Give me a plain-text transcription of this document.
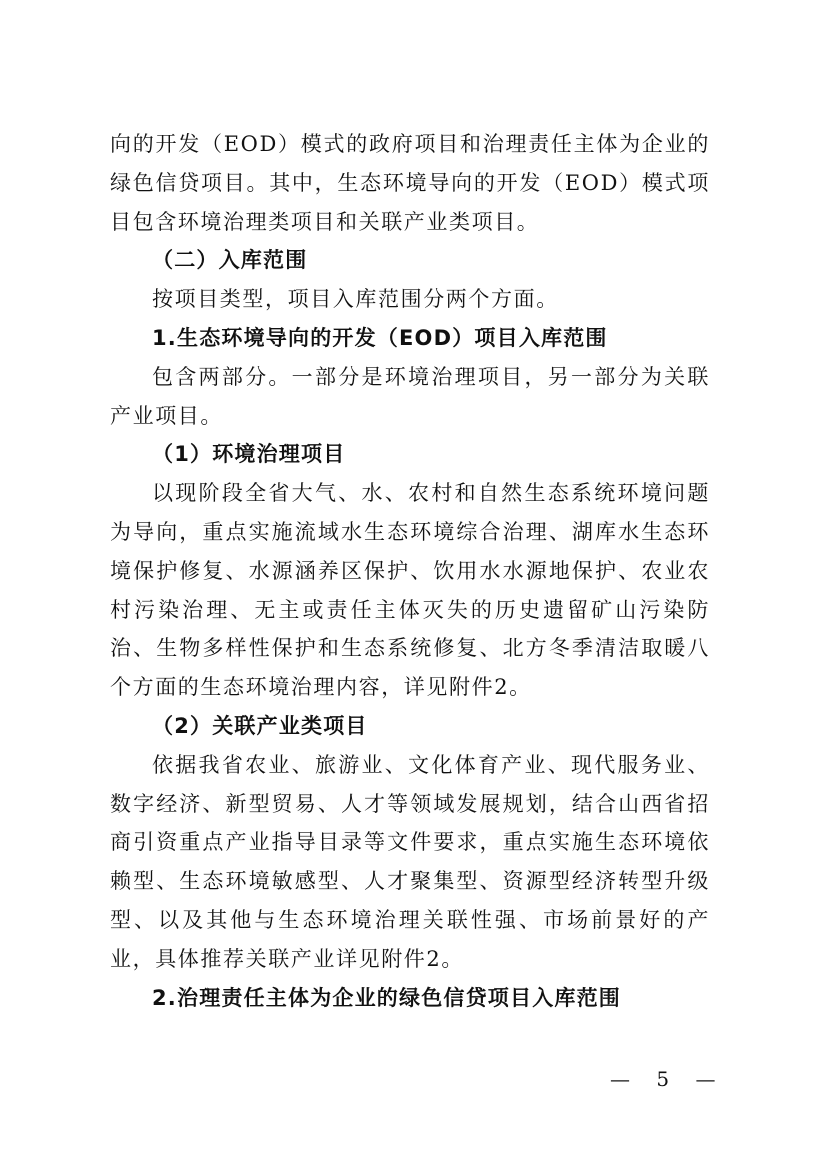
向的开发（EOD）模式的政府项目和治理责任主体为企业的绿色信贷项目。其中，生态环境导向的开发（EOD）模式项目包含环境治理类项目和关联产业类项目。

（二）入库范围

按项目类型，项目入库范围分两个方面。

1.生态环境导向的开发（EOD）项目入库范围

包含两部分。一部分是环境治理项目，另一部分为关联产业项目。

（1）环境治理项目

以现阶段全省大气、水、农村和自然生态系统环境问题为导向，重点实施流域水生态环境综合治理、湖库水生态环境保护修复、水源涵养区保护、饮用水水源地保护、农业农村污染治理、无主或责任主体灭失的历史遗留矿山污染防治、生物多样性保护和生态系统修复、北方冬季清洁取暖八个方面的生态环境治理内容，详见附件2。

（2）关联产业类项目

依据我省农业、旅游业、文化体育产业、现代服务业、数字经济、新型贸易、人才等领域发展规划，结合山西省招商引资重点产业指导目录等文件要求，重点实施生态环境依赖型、生态环境敏感型、人才聚集型、资源型经济转型升级型、以及其他与生态环境治理关联性强、市场前景好的产业，具体推荐关联产业详见附件2。

2.治理责任主体为企业的绿色信贷项目入库范围

— 5 —
